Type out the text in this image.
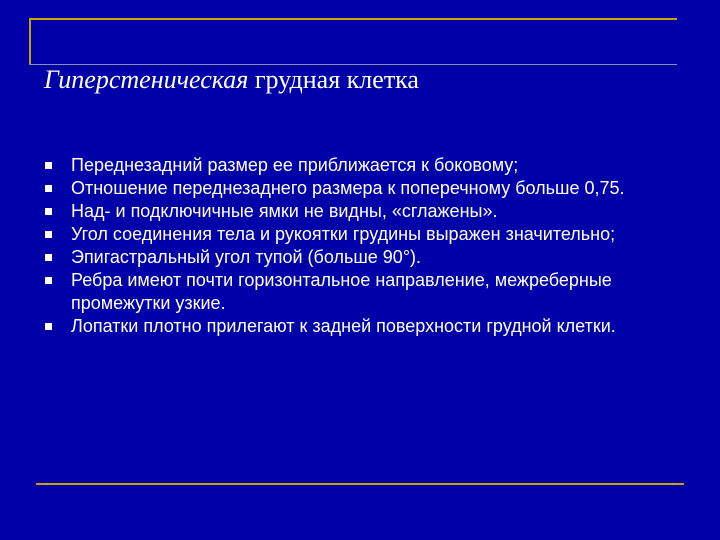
Гиперстеническая грудная клетка
Переднезадний размер ее приближается к боковому;
Отношение переднезаднего размера к поперечному больше 0,75.
Над- и подключичные ямки не видны, «сглажены».
Угол соединения тела и рукоятки грудины выражен значительно;
Эпигастральный угол тупой (больше 90°).
Ребра имеют почти горизонтальное направление, межреберные промежутки узкие.
Лопатки плотно прилегают к задней поверхности грудной клетки.
